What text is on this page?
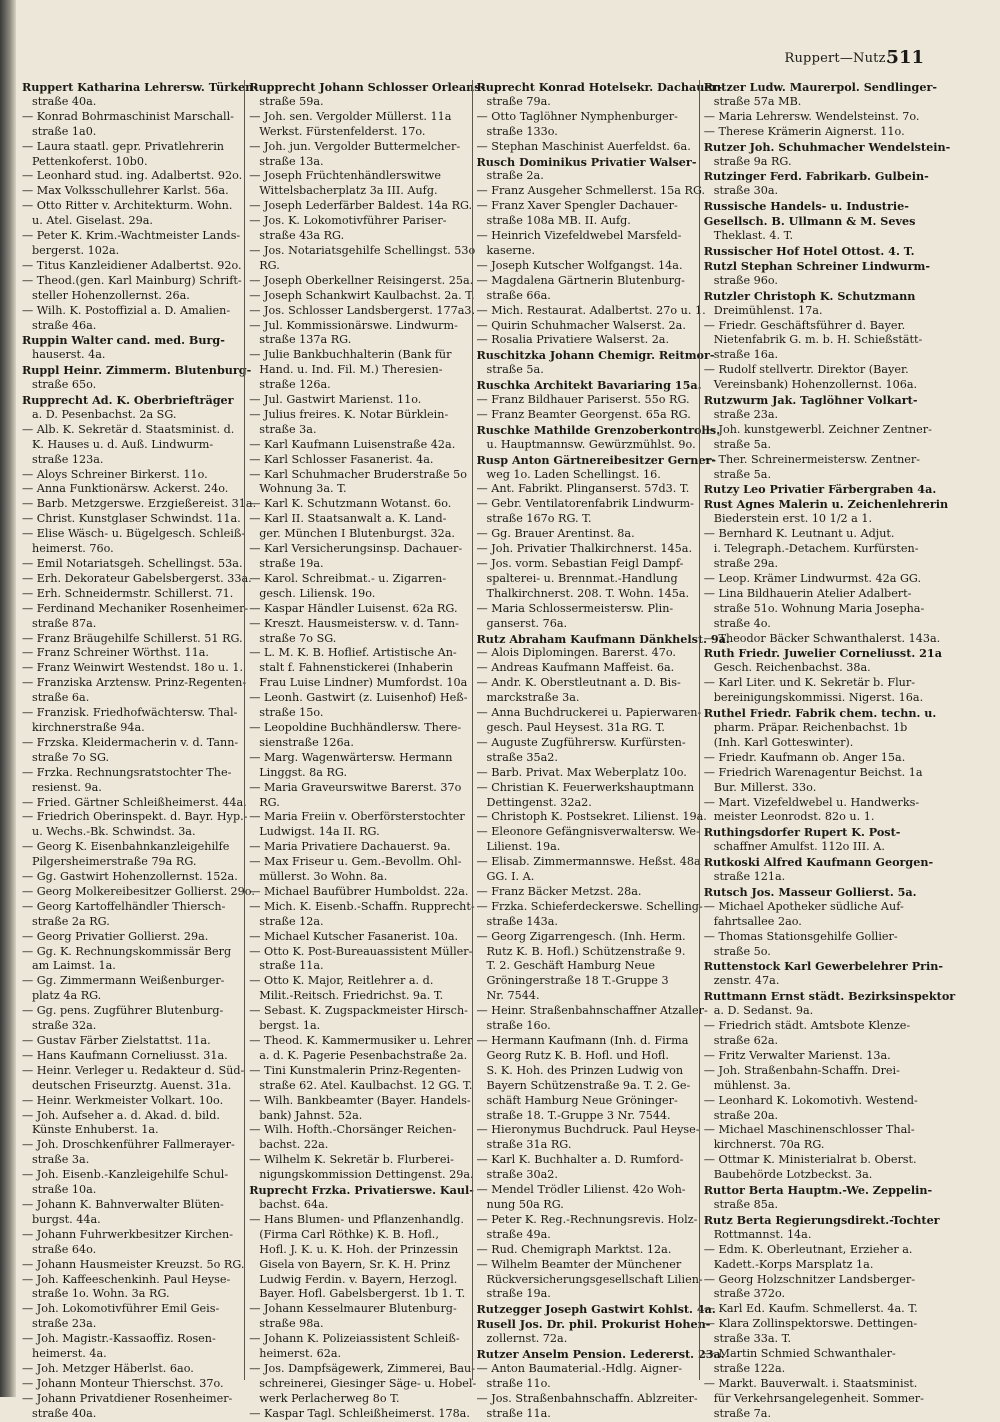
Ruppert—Nutz.
511

Ruppert Katharina Lehrersw. Türken-

straße 40a.

— Konrad Bohrmaschinist Marschall-

straße 1a0.

— Laura staatl. gepr. Privatlehrerin

Pettenkoferst. 10b0.

— Leonhard stud. ing. Adalbertst. 92o.

— Max Volksschullehrer Karlst. 56a.

— Otto Ritter v. Architekturm. Wohn.

u. Atel. Giselast. 29a.

— Peter K. Krim.-Wachtmeister Lands-

bergerst. 102a.

— Titus Kanzleidiener Adalbertst. 92o.

— Theod.(gen. Karl Mainburg) Schrift-

steller Hohenzollernst. 26a.

— Wilh. K. Postoffizial a. D. Amalien-

straße 46a.

Ruppin Walter cand. med. Burg-

hauserst. 4a.

Ruppl Heinr. Zimmerm. Blutenburg-

straße 65o.

Rupprecht Ad. K. Oberbriefträger

a. D. Pesenbachst. 2a SG.

— Alb. K. Sekretär d. Staatsminist. d.

K. Hauses u. d. Auß. Lindwurm-

straße 123a.

— Aloys Schreiner Birkerst. 11o.

— Anna Funktionärsw. Ackerst. 24o.

— Barb. Metzgerswe. Erzgießereist. 31a.

— Christ. Kunstglaser Schwindst. 11a.

— Elise Wäsch- u. Bügelgesch. Schleiß-

heimerst. 76o.

— Emil Notariatsgeh. Schellingst. 53a.

— Erh. Dekorateur Gabelsbergerst. 33a.

— Erh. Schneidermstr. Schillerst. 71.

— Ferdinand Mechaniker Rosenheimer-

straße 87a.

— Franz Bräugehilfe Schillerst. 51 RG.

— Franz Schreiner Wörthst. 11a.

— Franz Weinwirt Westendst. 18o u. 1.

— Franziska Arztensw. Prinz-Regenten-

straße 6a.

— Franzisk. Friedhofwächtersw. Thal-

kirchnerstraße 94a.

— Frzska. Kleidermacherin v. d. Tann-

straße 7o SG.

— Frzka. Rechnungsratstochter The-

resienst. 9a.

— Fried. Gärtner Schleißheimerst. 44a.

— Friedrich Oberinspekt. d. Bayr. Hyp.-

u. Wechs.-Bk. Schwindst. 3a.

— Georg K. Eisenbahnkanzleigehilfe

Pilgersheimerstraße 79a RG.

— Gg. Gastwirt Hohenzollernst. 152a.

— Georg Molkereibesitzer Gollierst. 29o.

— Georg Kartoffelhändler Thiersch-

straße 2a RG.

— Georg Privatier Gollierst. 29a.

— Gg. K. Rechnungskommissär Berg

am Laimst. 1a.

— Gg. Zimmermann Weißenburger-

platz 4a RG.

— Gg. pens. Zugführer Blutenburg-

straße 32a.

— Gustav Färber Zielstattst. 11a.

— Hans Kaufmann Corneliusst. 31a.

— Heinr. Verleger u. Redakteur d. Süd-

deutschen Friseurztg. Auenst. 31a.

— Heinr. Werkmeister Volkart. 10o.

— Joh. Aufseher a. d. Akad. d. bild.

Künste Enhuberst. 1a.

— Joh. Droschkenführer Fallmerayer-

straße 3a.

— Joh. Eisenb.-Kanzleigehilfe Schul-

straße 10a.

— Johann K. Bahnverwalter Blüten-

burgst. 44a.

— Johann Fuhrwerkbesitzer Kirchen-

straße 64o.

— Johann Hausmeister Kreuzst. 5o RG.

— Joh. Kaffeeschenkinh. Paul Heyse-

straße 1o. Wohn. 3a RG.

— Joh. Lokomotivführer Emil Geis-

straße 23a.

— Joh. Magistr.-Kassaoffiz. Rosen-

heimerst. 4a.

— Joh. Metzger Häberlst. 6ao.

— Johann Monteur Thierschst. 37o.

— Johann Privatdiener Rosenheimer-

straße 40a.

Rupprecht Johann Schlosser Orleans-

straße 59a.

— Joh. sen. Vergolder Müllerst. 11a

Werkst. Fürstenfelderst. 17o.

— Joh. jun. Vergolder Buttermelcher-

straße 13a.

— Joseph Früchtenhändlerswitwe

Wittelsbacherplatz 3a III. Aufg.

— Joseph Lederfärber Baldest. 14a RG.

— Jos. K. Lokomotivführer Pariser-

straße 43a RG.

— Jos. Notariatsgehilfe Schellingst. 53o

RG.

— Joseph Oberkellner Reisingerst. 25a.

— Joseph Schankwirt Kaulbachst. 2a. T.

— Jos. Schlosser Landsbergerst. 177a3.

— Jul. Kommissionärswe. Lindwurm-

straße 137a RG.

— Julie Bankbuchhalterin (Bank für

Hand. u. Ind. Fil. M.) Theresien-

straße 126a.

— Jul. Gastwirt Marienst. 11o.

— Julius freires. K. Notar Bürklein-

straße 3a.

— Karl Kaufmann Luisenstraße 42a.

— Karl Schlosser Fasanerist. 4a.

— Karl Schuhmacher Bruderstraße 5o

Wohnung 3a. T.

— Karl K. Schutzmann Wotanst. 6o.

— Karl II. Staatsanwalt a. K. Land-

ger. München I Blutenburgst. 32a.

— Karl Versicherungsinsp. Dachauer-

straße 19a.

— Karol. Schreibmat.- u. Zigarren-

gesch. Liliensk. 19o.

— Kaspar Händler Luisenst. 62a RG.

— Kreszt. Hausmeistersw. v. d. Tann-

straße 7o SG.

— L. M. K. B. Hoflief. Artistische An-

stalt f. Fahnenstickerei (Inhaberin

Frau Luise Lindner) Mumfordst. 10a

— Leonh. Gastwirt (z. Luisenhof) Heß-

straße 15o.

— Leopoldine Buchhändlersw. There-

sienstraße 126a.

— Marg. Wagenwärtersw. Hermann

Linggst. 8a RG.

— Maria Graveurswitwe Barerst. 37o

RG.

— Maria Freiin v. Oberförsterstochter

Ludwigst. 14a II. RG.

— Maria Privatiere Dachauerst. 9a.

— Max Friseur u. Gem.-Bevollm. Ohl-

müllerst. 3o Wohn. 8a.

— Michael Baufübrer Humboldst. 22a.

— Mich. K. Eisenb.-Schaffn. Rupprecht-

straße 12a.

— Michael Kutscher Fasanerist. 10a.

— Otto K. Post-Bureauassistent Müller-

straße 11a.

— Otto K. Major, Reitlehrer a. d.

Milit.-Reitsch. Friedrichst. 9a. T.

— Sebast. K. Zugspackmeister Hirsch-

bergst. 1a.

— Theod. K. Kammermusiker u. Lehrer

a. d. K. Pagerie Pesenbachstraße 2a.

— Tini Kunstmalerin Prinz-Regenten-

straße 62. Atel. Kaulbachst. 12 GG. T.

— Wilh. Bankbeamter (Bayer. Handels-

bank) Jahnst. 52a.

— Wilh. Hofth.-Chorsänger Reichen-

bachst. 22a.

— Wilhelm K. Sekretär b. Flurberei-

nigungskommission Dettingenst. 29a.

Ruprecht Frzka. Privatierswe. Kaul-

bachst. 64a.

— Hans Blumen- und Pflanzenhandlg.

(Firma Carl Röthke) K. B. Hofl.,

Hofl. J. K. u. K. Hoh. der Prinzessin

Gisela von Bayern, Sr. K. H. Prinz

Ludwig Ferdin. v. Bayern, Herzogl.

Bayer. Hofl. Gabelsbergerst. 1b 1. T.

— Johann Kesselmaurer Blutenburg-

straße 98a.

— Johann K. Polizeiassistent Schleiß-

heimerst. 62a.

— Jos. Dampfsägewerk, Zimmerei, Bau-

schreinerei, Giesinger Säge- u. Hobel-

werk Perlacherweg 8o T.

— Kaspar Tagl. Schleißheimerst. 178a.

Ruprecht Konrad Hotelsekr. Dachauer-

straße 79a.

— Otto Taglöhner Nymphenburger-

straße 133o.

— Stephan Maschinist Auerfeldst. 6a.

Rusch Dominikus Privatier Walser-

straße 2a.

— Franz Ausgeher Schmellerst. 15a RG.

— Franz Xaver Spengler Dachauer-

straße 108a MB. II. Aufg.

— Heinrich Vizefeldwebel Marsfeld-

kaserne.

— Joseph Kutscher Wolfgangst. 14a.

— Magdalena Gärtnerin Blutenburg-

straße 66a.

— Mich. Restaurat. Adalbertst. 27o u. 1.

— Quirin Schuhmacher Walserst. 2a.

— Rosalia Privatiere Walserst. 2a.

Ruschitzka Johann Chemigr. Reitmor-

straße 5a.

Ruschka Architekt Bavariaring 15a.

— Franz Bildhauer Pariserst. 55o RG.

— Franz Beamter Georgenst. 65a RG.

Ruschke Mathilde Grenzoberkontrolls.

u. Hauptmannsw. Gewürzmühlst. 9o.

Rusp Anton Gärtnereibesitzer Gerner-

weg 1o. Laden Schellingst. 16.

— Ant. Fabrikt. Plinganserst. 57d3. T.

— Gebr. Ventilatorenfabrik Lindwurm-

straße 167o RG. T.

— Gg. Brauer Arentinst. 8a.

— Joh. Privatier Thalkirchnerst. 145a.

— Jos. vorm. Sebastian Feigl Dampf-

spalterei- u. Brennmat.-Handlung

Thalkirchnerst. 208. T. Wohn. 145a.

— Maria Schlossermeistersw. Plin-

ganserst. 76a.

Rutz Abraham Kaufmann Dänkhelst. 9a.

— Alois Diplomingen. Barerst. 47o.

— Andreas Kaufmann Maffeist. 6a.

— Andr. K. Oberstleutnant a. D. Bis-

marckstraße 3a.

— Anna Buchdruckerei u. Papierwaren-

gesch. Paul Heysest. 31a RG. T.

— Auguste Zugführersw. Kurfürsten-

straße 35a2.

— Barb. Privat. Max Weberplatz 10o.

— Christian K. Feuerwerkshauptmann

Dettingenst. 32a2.

— Christoph K. Postsekret. Lilienst. 19a.

— Eleonore Gefängnisverwaltersw. We-

Lilienst. 19a.

— Elisab. Zimmermannswe. Heßst. 48a

GG. I. A.

— Franz Bäcker Metzst. 28a.

— Frzka. Schieferdeckerswe. Schelling-

straße 143a.

— Georg Zigarrengesch. (Inh. Herm.

Rutz K. B. Hofl.) Schützenstraße 9.

T. 2. Geschäft Hamburg Neue

Gröningerstraße 18 T.-Gruppe 3

Nr. 7544.

— Heinr. Straßenbahnschaffner Atzaller-

straße 16o.

— Hermann Kaufmann (Inh. d. Firma

Georg Rutz K. B. Hofl. und Hofl.

S. K. Hoh. des Prinzen Ludwig von

Bayern Schützenstraße 9a. T. 2. Ge-

schäft Hamburg Neue Gröninger-

straße 18. T.-Gruppe 3 Nr. 7544.

— Hieronymus Buchdruck. Paul Heyse-

straße 31a RG.

— Karl K. Buchhalter a. D. Rumford-

straße 30a2.

— Mendel Trödler Lilienst. 42o Woh-

nung 50a RG.

— Peter K. Reg.-Rechnungsrevis. Holz-

straße 49a.

— Rud. Chemigraph Marktst. 12a.

— Wilhelm Beamter der Münchener

Rückversicherungsgesellschaft Lilien-

straße 19a.

Rutzegger Joseph Gastwirt Kohlst. 4a.

Rusell Jos. Dr. phil. Prokurist Hohen-

zollernst. 72a.

Rutzer Anselm Pension. Ledererst. 23a.

— Anton Baumaterial.-Hdlg. Aigner-

straße 11o.

— Jos. Straßenbahnschaffn. Ablzreiter-

straße 11a.

Rutzer Ludw. Maurerpol. Sendlinger-

straße 57a MB.

— Maria Lehrersw. Wendelsteinst. 7o.

— Therese Krämerin Aignerst. 11o.

Rutzer Joh. Schuhmacher Wendelstein-

straße 9a RG.

Rutzinger Ferd. Fabrikarb. Gulbein-

straße 30a.

Russische Handels- u. Industrie-

Gesellsch. B. Ullmann & M. Seves

Theklast. 4. T.

Russischer Hof Hotel Ottost. 4. T.

Rutzl Stephan Schreiner Lindwurm-

straße 96o.

Rutzler Christoph K. Schutzmann

Dreimühlenst. 17a.

— Friedr. Geschäftsführer d. Bayer.

Nietenfabrik G. m. b. H. Schießstätt-

straße 16a.

— Rudolf stellvertr. Direktor (Bayer.

Vereinsbank) Hohenzollernst. 106a.

Rutzwurm Jak. Taglöhner Volkart-

straße 23a.

— Joh. kunstgewerbl. Zeichner Zentner-

straße 5a.

— Ther. Schreinermeistersw. Zentner-

straße 5a.

Rutzy Leo Privatier Färbergraben 4a.

Rust Agnes Malerin u. Zeichenlehrerin

Biederstein erst. 10 1/2 a 1.

— Bernhard K. Leutnant u. Adjut.

i. Telegraph.-Detachem. Kurfürsten-

straße 29a.

— Leop. Krämer Lindwurmst. 42a GG.

— Lina Bildhauerin Atelier Adalbert-

straße 51o. Wohnung Maria Josepha-

straße 4o.

— Theodor Bäcker Schwanthalerst. 143a.

Ruth Friedr. Juwelier Corneliusst. 21a

Gesch. Reichenbachst. 38a.

— Karl Liter. und K. Sekretär b. Flur-

bereinigungskommissi. Nigerst. 16a.

Ruthel Friedr. Fabrik chem. techn. u.

pharm. Präpar. Reichenbachst. 1b

(Inh. Karl Gotteswinter).

— Friedr. Kaufmann ob. Anger 15a.

— Friedrich Warenagentur Beichst. 1a

Bur. Millerst. 33o.

— Mart. Vizefeldwebel u. Handwerks-

meister Leonrodst. 82o u. 1.

Ruthingsdorfer Rupert K. Post-

schaffner Amulfst. 112o III. A.

Rutkoski Alfred Kaufmann Georgen-

straße 121a.

Rutsch Jos. Masseur Gollierst. 5a.

— Michael Apotheker südliche Auf-

fahrtsallee 2ao.

— Thomas Stationsgehilfe Gollier-

straße 5o.

Ruttenstock Karl Gewerbelehrer Prin-

zenstr. 47a.

Ruttmann Ernst städt. Bezirksinspektor

a. D. Sedanst. 9a.

— Friedrich städt. Amtsbote Klenze-

straße 62a.

— Fritz Verwalter Marienst. 13a.

— Joh. Straßenbahn-Schaffn. Drei-

mühlenst. 3a.

— Leonhard K. Lokomotivh. Westend-

straße 20a.

— Michael Maschinenschlosser Thal-

kirchnerst. 70a RG.

— Ottmar K. Ministerialrat b. Oberst.

Baubehörde Lotzbeckst. 3a.

Ruttor Berta Hauptm.-We. Zeppelin-

straße 85a.

Rutz Berta Regierungsdirekt.-Tochter

Rottmannst. 14a.

— Edm. K. Oberleutnant, Erzieher a.

Kadett.-Korps Marsplatz 1a.

— Georg Holzschnitzer Landsberger-

straße 372o.

— Karl Ed. Kaufm. Schmellerst. 4a. T.

— Klara Zollinspektorswe. Dettingen-

straße 33a. T.

— Martin Schmied Schwanthaler-

straße 122a.

— Markt. Bauverwalt. i. Staatsminist.

für Verkehrsangelegenheit. Sommer-

straße 7a.
